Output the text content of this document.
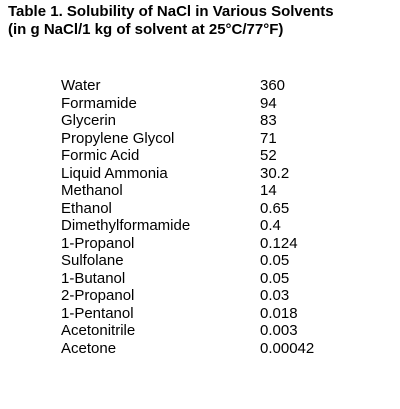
Table 1. Solubility of NaCl in Various Solvents
(in g NaCl/1 kg of solvent at 25°C/77°F)
Water	360
Formamide	94
Glycerin	83
Propylene Glycol	71
Formic Acid	52
Liquid Ammonia	30.2
Methanol	14
Ethanol	0.65
Dimethylformamide	0.4
1-Propanol	0.124
Sulfolane	0.05
1-Butanol	0.05
2-Propanol	0.03
1-Pentanol	0.018
Acetonitrile	0.003
Acetone	0.00042
